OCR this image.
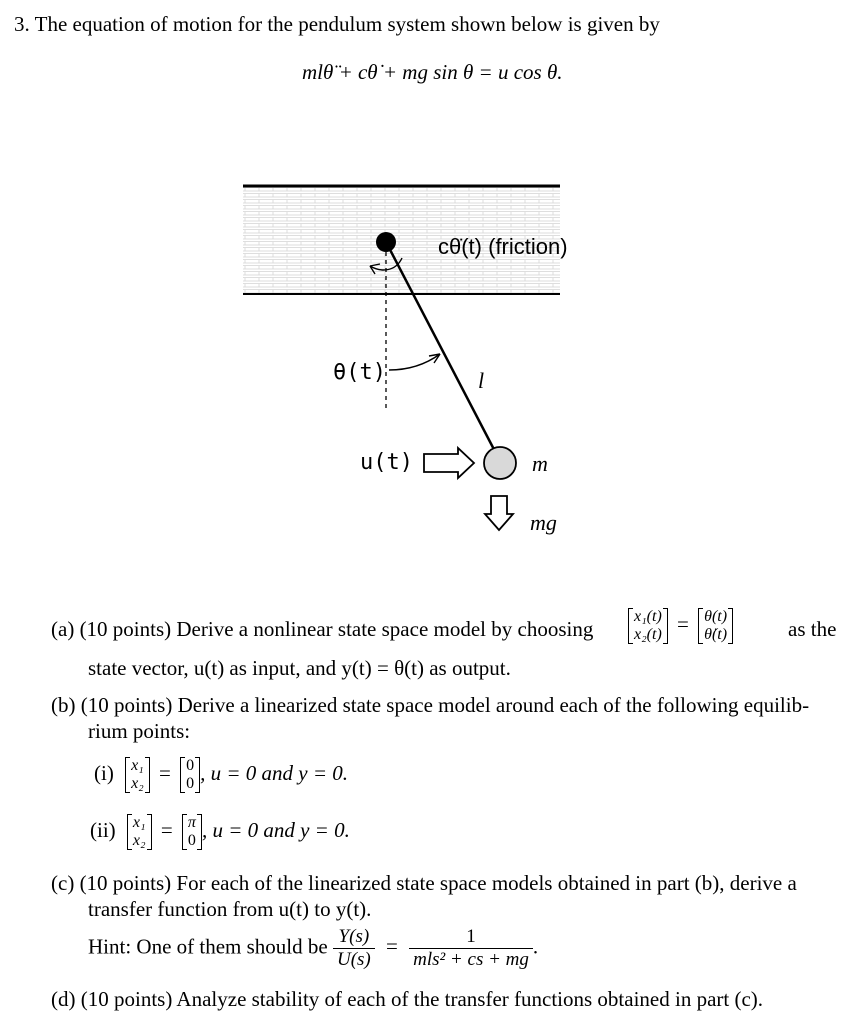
3. The equation of motion for the pendulum system shown below is given by
mlθ̈ + cθ̇ + mg sin θ = u cos θ.
cθ̇(t) (friction)
θ(t)	l
u(t)	m
mg
(a) (10 points) Derive a nonlinear state space model by choosing
x₁(t)
x₂(t) = θ(t)
θ̇(t)	as the
state vector, u(t) as input, and y(t) = θ(t) as output.
(b) (10 points) Derive a linearized state space model around each of the following equilib-
rium points:
(i) x₁
x₂ = 0
0 , u = 0 and y = 0.
(ii) x₁
x₂ = π
0 , u = 0 and y = 0.
(c) (10 points) For each of the linearized state space models obtained in part (b), derive a
transfer function from u(t) to y(t).
Hint: One of them should be $\frac{Y(s)}{U(s)} = \frac{1}{\text{mls² + cs + mg}}$ .
(d) (10 points) Analyze stability of each of the transfer functions obtained in part (c).
